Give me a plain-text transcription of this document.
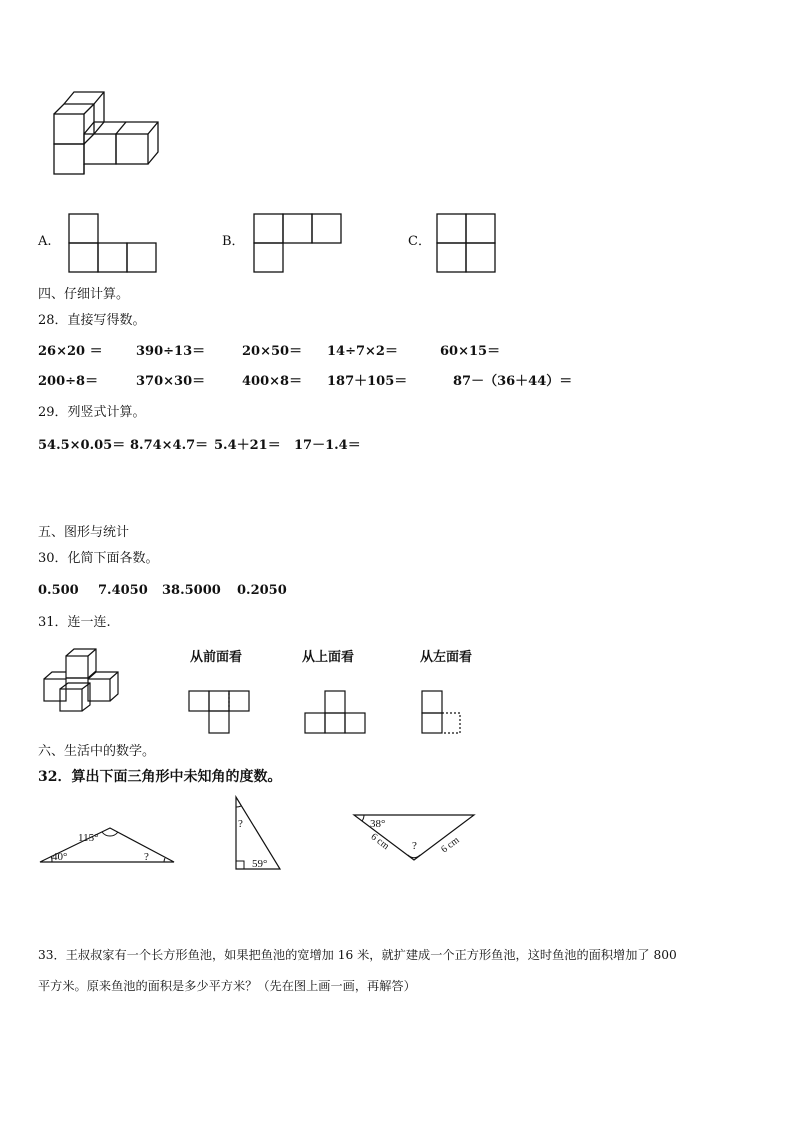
A.	B．	C．
四、仔细计算。
28．直接写得数。
26×20 ＝	390÷13＝	20×50＝ 14÷7×2＝	60×15＝
200÷8＝	370×30＝	400×8＝ 187＋105＝	87－（36＋44）＝
29．列竖式计算。
54.5×0.05＝ 8.74×4.7＝ 5.4＋21＝ 17－1.4＝
五、图形与统计
30．化简下面各数。
0.500 7.4050 38.5000 0.2050
31．连一连.
从前面看	从上面看	从左面看
六、生活中的数学。
32．算出下面三角形中未知角的度数。
115°
40°	?
?
59°
38°
?
6 cm	6 cm
33．王叔叔家有一个长方形鱼池，如果把鱼池的宽增加 16 米，就扩建成一个正方形鱼池，这时鱼池的面积增加了 800
平方米。原来鱼池的面积是多少平方米？（先在图上画一画，再解答）
